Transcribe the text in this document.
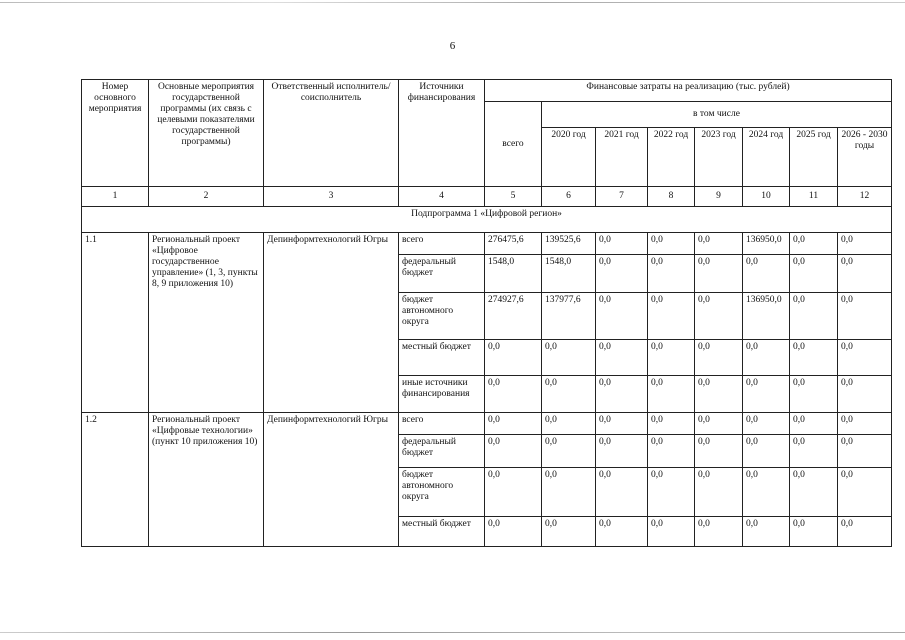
6
Номер основного мероприятия	Основные мероприятия государственной программы (их связь с целевыми показателями государственной программы)	Ответственный исполнитель/соисполнитель	Источники финансирования	Финансовые затраты на реализацию (тыс. рублей)							
				всего	в том числе						
					2020 год	2021 год	2022 год	2023 год	2024 год	2025 год	2026 - 2030 годы
1	2	3	4	5	6	7	8	9	10	11	12
Подпрограмма 1 «Цифровой регион»											
1.1	Региональный проект «Цифровое государственное управление» (1, 3, пункты 8, 9 приложения 10)	Депинформтехнологий Югры	всего	276475,6	139525,6	0,0	0,0	0,0	136950,0	0,0	0,0
			федеральный бюджет	1548,0	1548,0	0,0	0,0	0,0	0,0	0,0	0,0
			бюджет автономного округа	274927,6	137977,6	0,0	0,0	0,0	136950,0	0,0	0,0
			местный бюджет	0,0	0,0	0,0	0,0	0,0	0,0	0,0	0,0
			иные источники финансирования	0,0	0,0	0,0	0,0	0,0	0,0	0,0	0,0
1.2	Региональный проект «Цифровые технологии» (пункт 10 приложения 10)	Депинформтехнологий Югры	всего	0,0	0,0	0,0	0,0	0,0	0,0	0,0	0,0
			федеральный бюджет	0,0	0,0	0,0	0,0	0,0	0,0	0,0	0,0
			бюджет автономного округа	0,0	0,0	0,0	0,0	0,0	0,0	0,0	0,0
			местный бюджет	0,0	0,0	0,0	0,0	0,0	0,0	0,0	0,0
